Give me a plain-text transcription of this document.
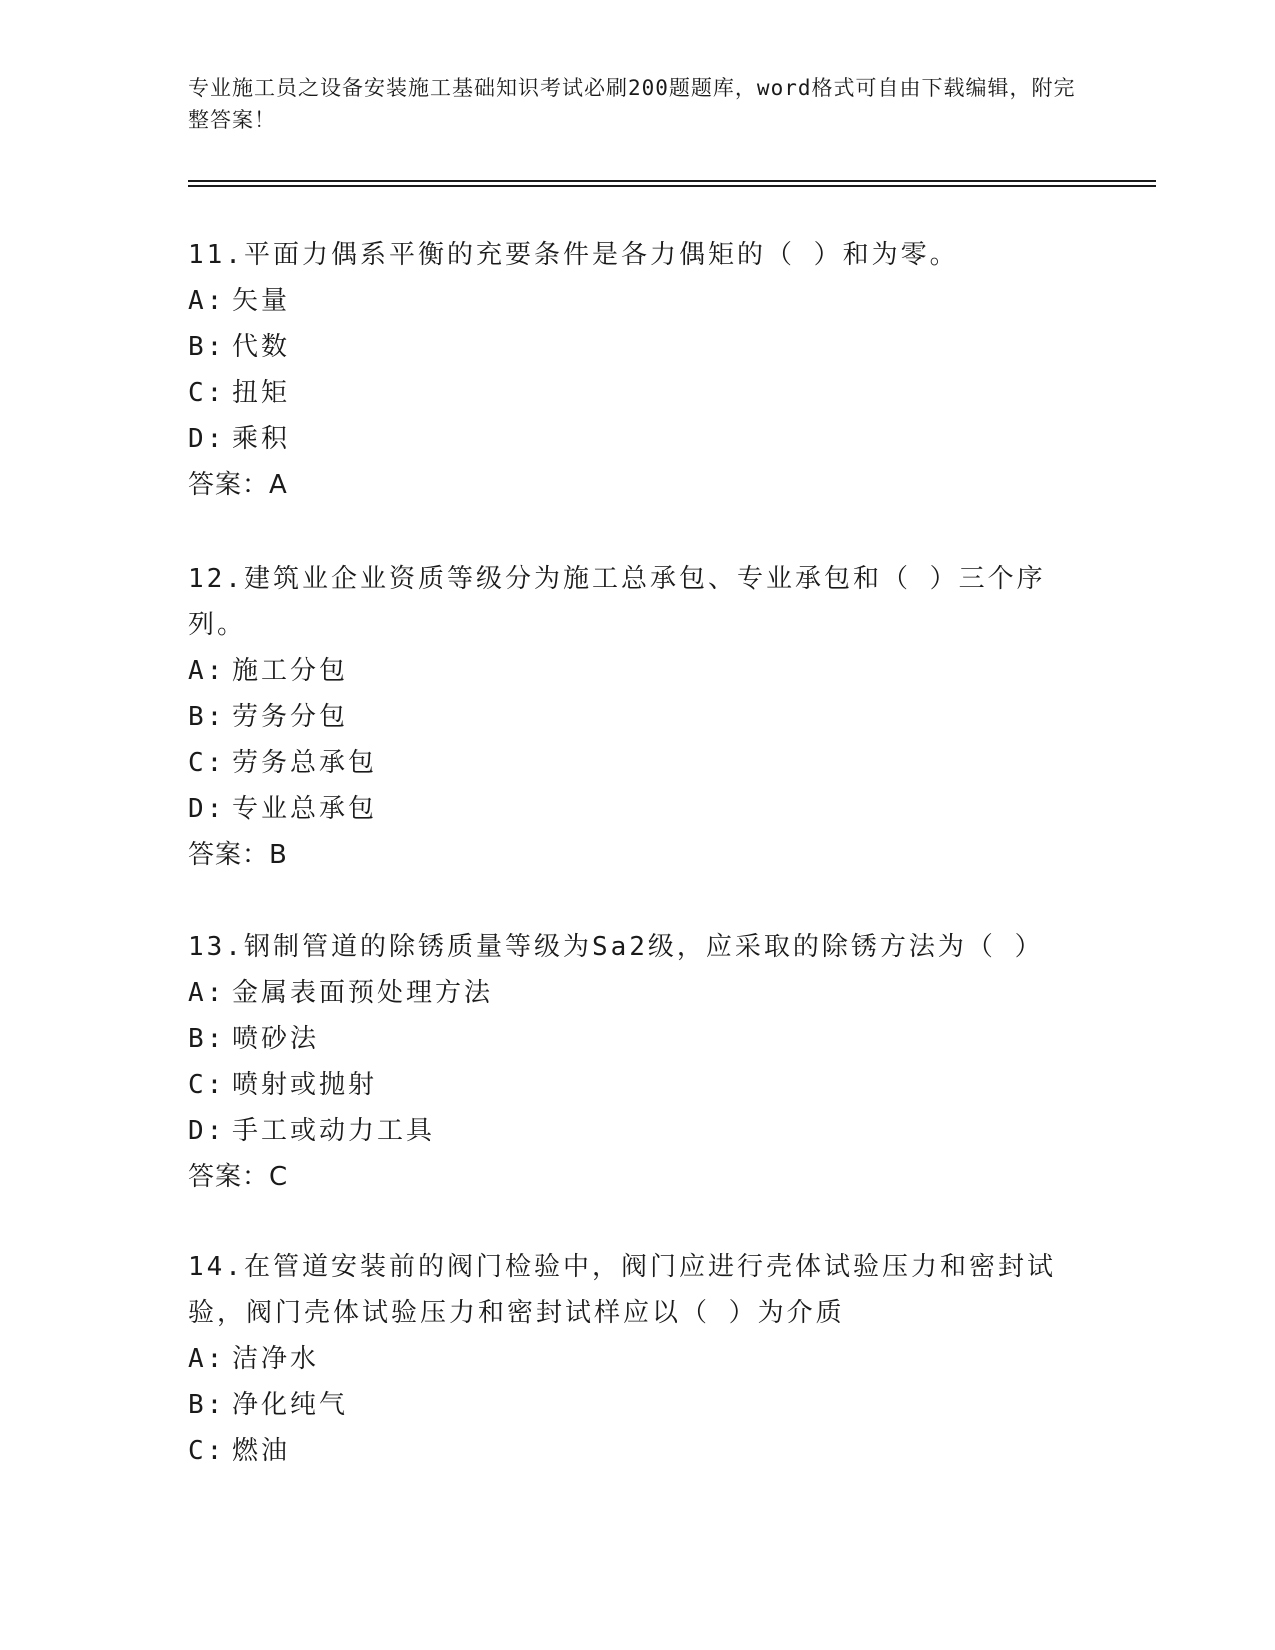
专业施工员之设备安装施工基础知识考试必刷200题题库，word格式可自由下载编辑，附完整答案！

11.平面力偶系平衡的充要条件是各力偶矩的（ ）和为零。

A: 矢量
B: 代数
C: 扭矩
D: 乘积
答案：A

12.建筑业企业资质等级分为施工总承包、专业承包和（ ）三个序列。

A: 施工分包
B: 劳务分包
C: 劳务总承包
D: 专业总承包
答案：B

13.钢制管道的除锈质量等级为Sa2级，应采取的除锈方法为（ ）

A: 金属表面预处理方法
B: 喷砂法
C: 喷射或抛射
D: 手工或动力工具
答案：C

14.在管道安装前的阀门检验中，阀门应进行壳体试验压力和密封试验，阀门壳体试验压力和密封试样应以（ ）为介质

A: 洁净水
B: 净化纯气
C: 燃油
